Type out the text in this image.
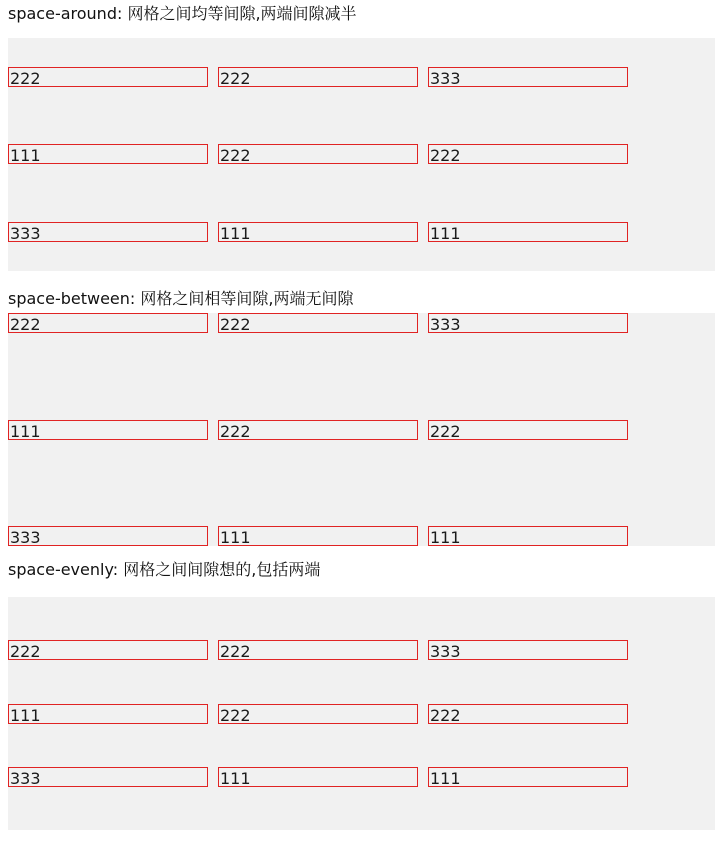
space-around: 网格之间均等间隙,两端间隙减半
222	222	333
111	222	222
333	111	111
space-between: 网格之间相等间隙,两端无间隙
222	222	333
111	222	222
333	111	111
space-evenly: 网格之间间隙想的,包括两端
222	222	333
111	222	222
333	111	111
